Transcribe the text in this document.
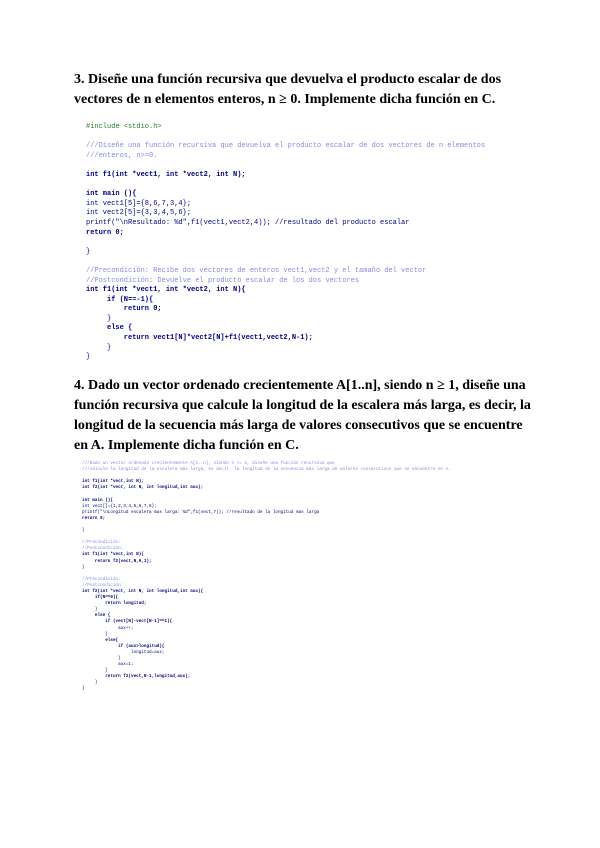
3. Diseñe una función recursiva que devuelva el producto escalar de dos vectores de n elementos enteros, n ≥ 0. Implemente dicha función en C.

#include <stdio.h>

///Diseñe una función recursiva que devuelva el producto escalar de dos vectores de n elementos
///enteros, n>=0.

int f1(int *vect1, int *vect2, int N);

int main (){
int vect1[5]={8,6,7,3,4};
int vect2[5]={3,3,4,5,6};
printf("\nResultado: %d",f1(vect1,vect2,4)); //resultado del producto escalar
return 0;

}

//Precondición: Recibe dos vectores de enteros vect1,vect2 y el tamaño del vector
//Postcondición: Devuelve el producto escalar de los dos vectores
int f1(int *vect1, int *vect2, int N){
if (N==-1){
return 0;
}
else {
return vect1[N]*vect2[N]+f1(vect1,vect2,N-1);
}
}

4. Dado un vector ordenado crecientemente A[1..n], siendo n ≥ 1, diseñe una función recursiva que calcule la longitud de la escalera más larga, es decir, la longitud de la secuencia más larga de valores consecutivos que se encuentre en A. Implemente dicha función en C.

///Dado un vector ordenado crecientemente A[1..n], siendo n >= 1, diseñe una función recursiva que
///calcule la longitud de la escalera más larga, es decir, la longitud de la secuencia más larga de valores consecutivos que se encuentre en A.

int f1(int *vect,int N);
int f2(int *vect, int N, int longitud,int aux);

int main (){
int vect[]={1,2,3,4,5,6,7,8};
printf("\nLongitud escalera mas larga: %d",f1(vect,7)); //resultado de la longitud mas larga
return 0;

}

//Precondición:
//Postcondición:
int f1(int *vect,int N){
return f2(vect,N,0,1);
}

//Precondición:
//Postcondición:
int f2(int *vect, int N, int longitud,int aux){
if(N==0){
return longitud;
}
else {
if (vect[N]-vect[N-1]==1){
aux++;
}
else{
if (aux>longitud){
longitud=aux;
}
aux=1;
}
return f2(vect,N-1,longitud,aux);
}
}
